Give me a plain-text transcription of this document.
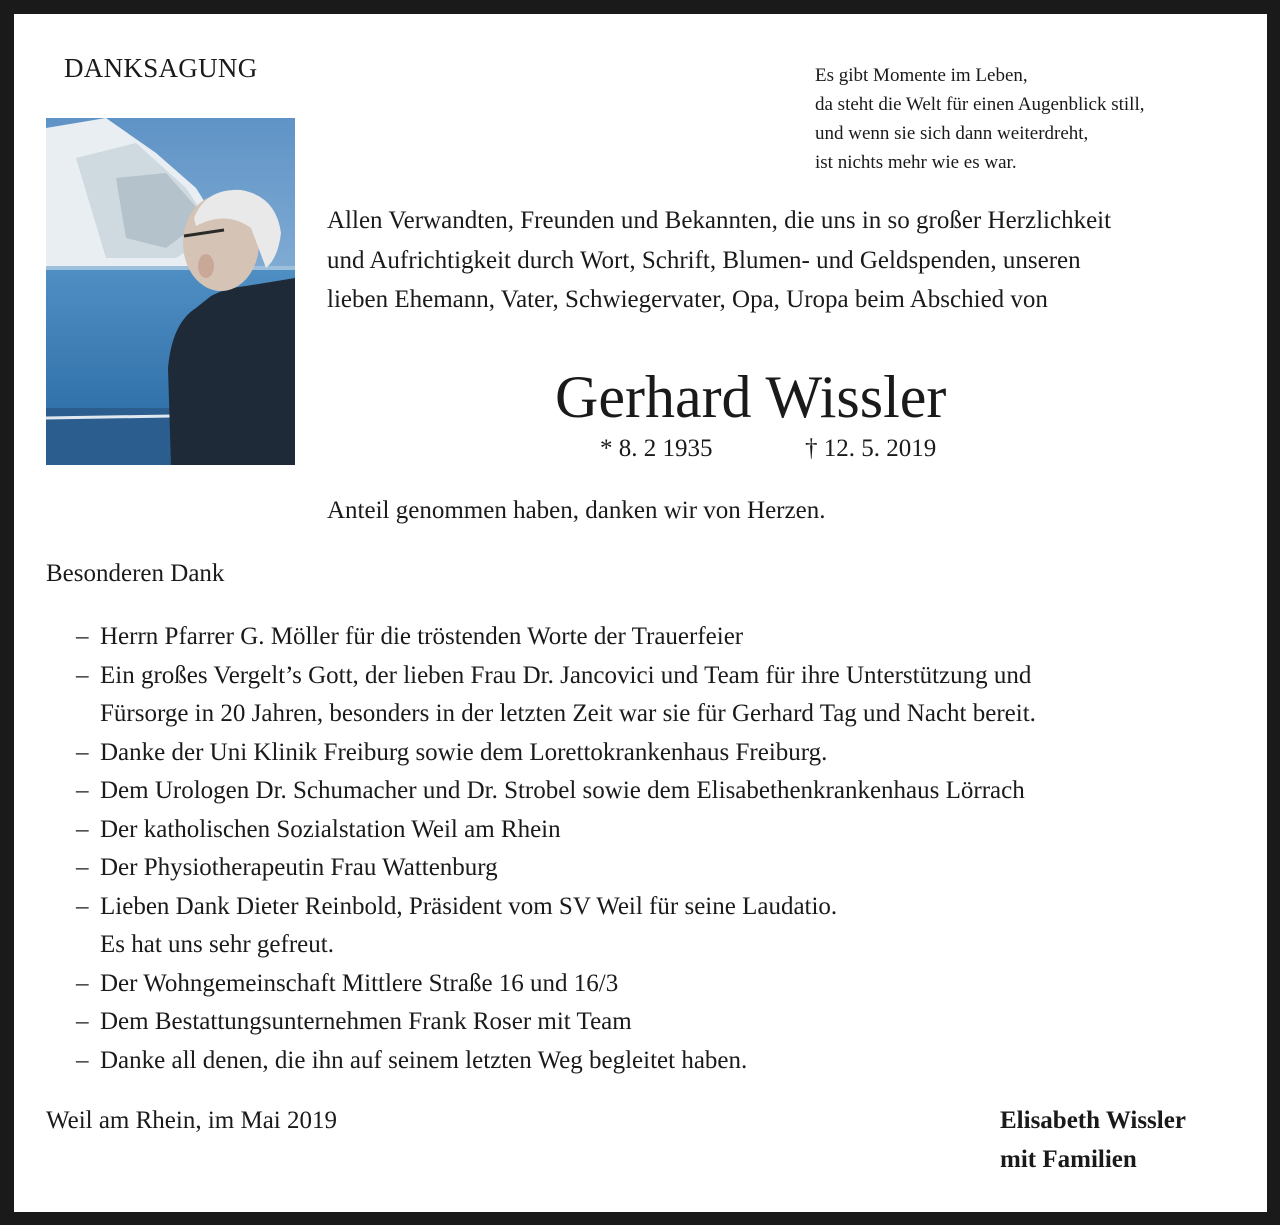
DANKSAGUNG	Es gibt Momente im Leben,
da steht die Welt für einen Augenblick still,
und wenn sie sich dann weiterdreht,
ist nichts mehr wie es war.
Allen Verwandten, Freunden und Bekannten, die uns in so großer Herzlichkeit
und Aufrichtigkeit durch Wort, Schrift, Blumen- und Geldspenden, unseren
lieben Ehemann, Vater, Schwiegervater, Opa, Uropa beim Abschied von
Gerhard Wissler
* 8. 2 1935	† 12. 5. 2019
Anteil genommen haben, danken wir von Herzen.
Besonderen Dank
– Herrn Pfarrer G. Möller für die tröstenden Worte der Trauerfeier
– Ein großes Vergelt’s Gott, der lieben Frau Dr. Jancovici und Team für ihre Unterstützung und
Fürsorge in 20 Jahren, besonders in der letzten Zeit war sie für Gerhard Tag und Nacht bereit.
– Danke der Uni Klinik Freiburg sowie dem Lorettokrankenhaus Freiburg.
– Dem Urologen Dr. Schumacher und Dr. Strobel sowie dem Elisabethenkrankenhaus Lörrach
– Der katholischen Sozialstation Weil am Rhein
– Der Physiotherapeutin Frau Wattenburg
– Lieben Dank Dieter Reinbold, Präsident vom SV Weil für seine Laudatio.
Es hat uns sehr gefreut.
– Der Wohngemeinschaft Mittlere Straße 16 und 16/3
– Dem Bestattungsunternehmen Frank Roser mit Team
– Danke all denen, die ihn auf seinem letzten Weg begleitet haben.
Weil am Rhein, im Mai 2019	Elisabeth Wissler
mit Familien
